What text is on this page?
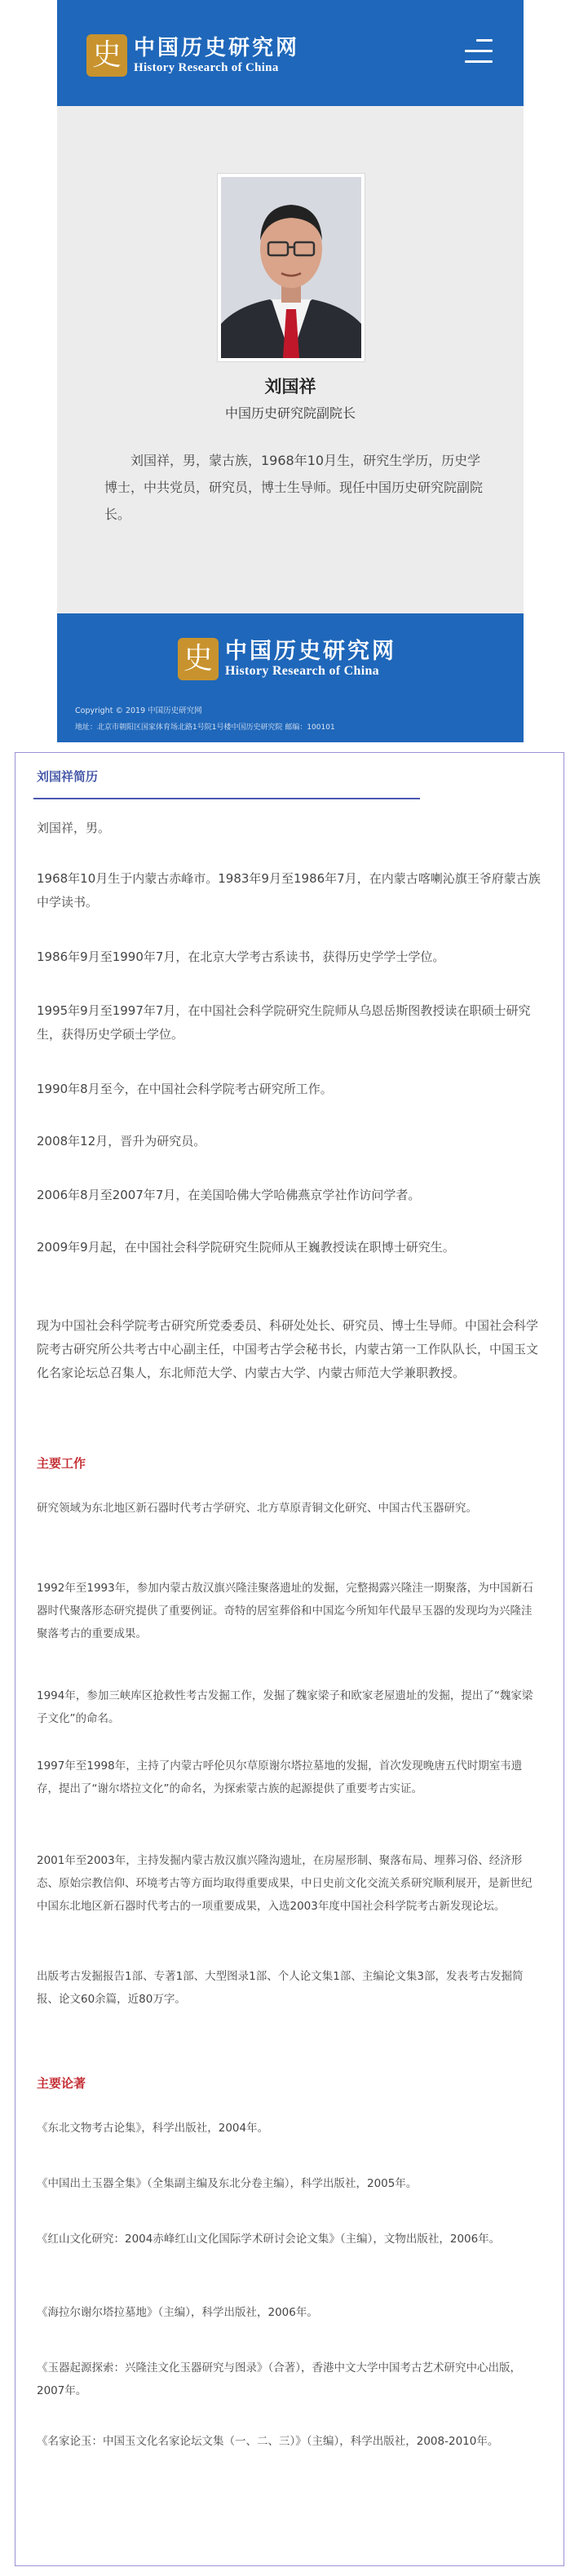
史 中国历史研究网
History Research of China
刘国祥
中国历史研究院副院长
刘国祥，男，蒙古族，1968年10月生，研究生学历，历史学博士，中共党员，研究员，博士生导师。现任中国历史研究院副院长。
史 中国历史研究网
History Research of China
Copyright © 2019 中国历史研究网
地址：北京市朝阳区国家体育场北路1号院1号楼中国历史研究院 邮编：100101
刘国祥简历
刘国祥，男。
1968年10月生于内蒙古赤峰市。1983年9月至1986年7月，在内蒙古喀喇沁旗王爷府蒙古族中学读书。
1986年9月至1990年7月，在北京大学考古系读书，获得历史学学士学位。
1995年9月至1997年7月，在中国社会科学院研究生院师从乌恩岳斯图教授读在职硕士研究生，获得历史学硕士学位。
1990年8月至今，在中国社会科学院考古研究所工作。
2008年12月，晋升为研究员。
2006年8月至2007年7月，在美国哈佛大学哈佛燕京学社作访问学者。
2009年9月起，在中国社会科学院研究生院师从王巍教授读在职博士研究生。
现为中国社会科学院考古研究所党委委员、科研处处长、研究员、博士生导师。中国社会科学院考古研究所公共考古中心副主任，中国考古学会秘书长，内蒙古第一工作队队长，中国玉文化名家论坛总召集人，东北师范大学、内蒙古大学、内蒙古师范大学兼职教授。
主要工作
研究领域为东北地区新石器时代考古学研究、北方草原青铜文化研究、中国古代玉器研究。
1992年至1993年，参加内蒙古敖汉旗兴隆洼聚落遗址的发掘，完整揭露兴隆洼一期聚落，为中国新石器时代聚落形态研究提供了重要例证。奇特的居室葬俗和中国迄今所知年代最早玉器的发现均为兴隆洼聚落考古的重要成果。
1994年，参加三峡库区抢救性考古发掘工作，发掘了魏家梁子和欧家老屋遗址的发掘，提出了“魏家梁子文化”的命名。
1997年至1998年，主持了内蒙古呼伦贝尔草原谢尔塔拉墓地的发掘，首次发现晚唐五代时期室韦遗存，提出了“谢尔塔拉文化”的命名，为探索蒙古族的起源提供了重要考古实证。
2001年至2003年，主持发掘内蒙古敖汉旗兴隆沟遗址，在房屋形制、聚落布局、埋葬习俗、经济形态、原始宗教信仰、环境考古等方面均取得重要成果，中日史前文化交流关系研究顺利展开，是新世纪中国东北地区新石器时代考古的一项重要成果，入选2003年度中国社会科学院考古新发现论坛。
出版考古发掘报告1部、专著1部、大型图录1部、个人论文集1部、主编论文集3部，发表考古发掘简报、论文60余篇，近80万字。
主要论著
《东北文物考古论集》，科学出版社，2004年。
《中国出土玉器全集》（全集副主编及东北分卷主编），科学出版社，2005年。
《红山文化研究：2004赤峰红山文化国际学术研讨会论文集》（主编），文物出版社，2006年。
《海拉尔谢尔塔拉墓地》（主编），科学出版社，2006年。
《玉器起源探索：兴隆洼文化玉器研究与图录》（合著），香港中文大学中国考古艺术研究中心出版，2007年。
《名家论玉：中国玉文化名家论坛文集（一、二、三）》（主编），科学出版社，2008-2010年。
